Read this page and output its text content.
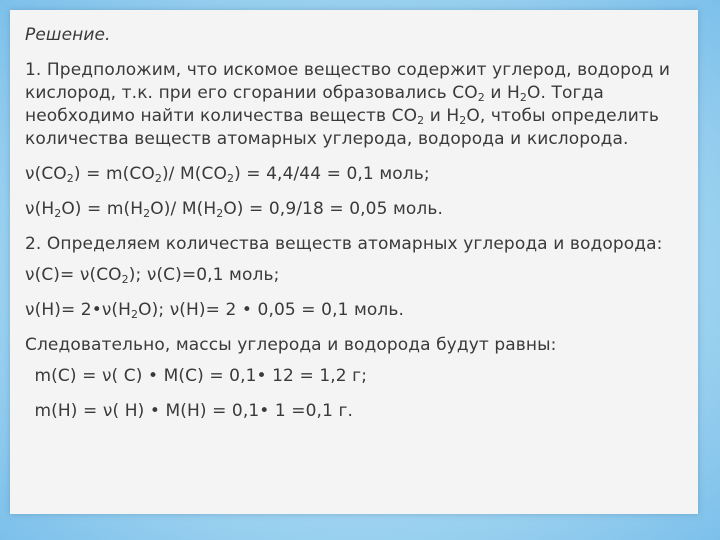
Решение.

1. Предположим, что искомое вещество содержит углерод, водород и кислород, т.к. при его сгорании образовались $СО_2$ и $Н_2О$. Тогда необходимо найти количества веществ $СО_2$ и $Н_2О$, чтобы определить количества веществ атомарных углерода, водорода и кислорода.

$\nu(CO_2) = m(CO_2)/$ $M(CO_2) = 4,4/44 = 0,1$ моль;

$\nu(H_2O) = m(H_2O)/$ $M(H_2O) = 0,9/18 = 0,05$ моль.

2. Определяем количества веществ атомарных углерода и водорода:

$\nu(C)= \nu(CO_2)$; ν(C)=0,1 моль;

$\nu(H)= 2•\nu(H_2O)$; ν(H)= 2 • 0,05 = 0,1 моль.

Следовательно, массы углерода и водорода будут равны:

m(C) = ν( C) • M(C) = 0,1• 12 = 1,2 г;

m(H) = ν( H) • M(H) = 0,1• 1 =0,1 г.
